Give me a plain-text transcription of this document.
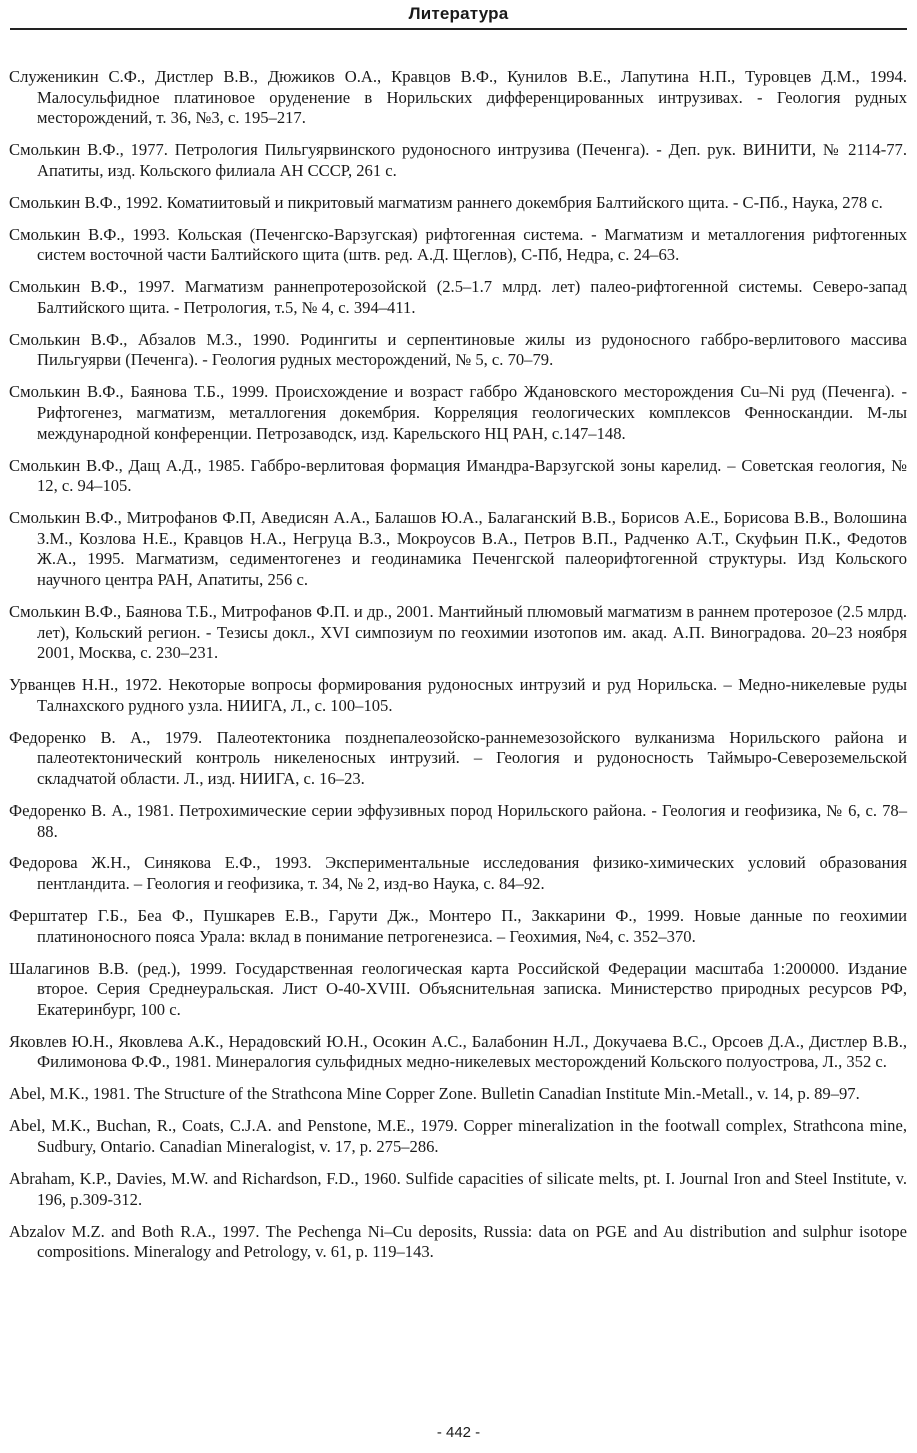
Литература
Служеникин С.Ф., Дистлер В.В., Дюжиков О.А., Кравцов В.Ф., Кунилов В.Е., Лапутина Н.П., Туровцев Д.М., 1994. Малосульфидное платиновое оруденение в Норильских дифференцированных интрузивах. - Геология рудных месторождений, т. 36, №3, с. 195–217.
Смолькин В.Ф., 1977. Петрология Пильгуярвинского рудоносного интрузива (Печенга). - Деп. рук. ВИНИТИ, № 2114-77. Апатиты, изд. Кольского филиала АН СССР, 261 с.
Смолькин В.Ф., 1992. Коматиитовый и пикритовый магматизм раннего докембрия Балтийского щита. - С-Пб., Наука, 278 с.
Смолькин В.Ф., 1993. Кольская (Печенгско-Варзугская) рифтогенная система. - Магматизм и металлогения рифтогенных систем восточной части Балтийского щита (штв. ред. А.Д. Щеглов), С-Пб, Недра, с. 24–63.
Смолькин В.Ф., 1997. Магматизм раннепротерозойской (2.5–1.7 млрд. лет) палео-рифтогенной системы. Северо-запад Балтийского щита. - Петрология, т.5, № 4, с. 394–411.
Смолькин В.Ф., Абзалов М.З., 1990. Родингиты и серпентиновые жилы из рудоносного габбро-верлитового массива Пильгуярви (Печенга). - Геология рудных месторождений, № 5, с. 70–79.
Смолькин В.Ф., Баянова Т.Б., 1999. Происхождение и возраст габбро Ждановского месторождения Cu–Ni руд (Печенга). - Рифтогенез, магматизм, металлогения докембрия. Корреляция геологических комплексов Фенноскандии. М-лы международной конференции. Петрозаводск, изд. Карельского НЦ РАН, с.147–148.
Смолькин В.Ф., Дащ А.Д., 1985. Габбро-верлитовая формация Имандра-Варзугской зоны карелид. – Советская геология, № 12, с. 94–105.
Смолькин В.Ф., Митрофанов Ф.П, Аведисян А.А., Балашов Ю.А., Балаганский В.В., Борисов А.Е., Борисова В.В., Волошина З.М., Козлова Н.Е., Кравцов Н.А., Негруца В.З., Мокроусов В.А., Петров В.П., Радченко А.Т., Скуфьин П.К., Федотов Ж.А., 1995. Магматизм, седиментогенез и геодинамика Печенгской палеорифтогенной структуры. Изд Кольского научного центра РАН, Апатиты, 256 с.
Смолькин В.Ф., Баянова Т.Б., Митрофанов Ф.П. и др., 2001. Мантийный плюмовый магматизм в раннем протерозое (2.5 млрд. лет), Кольский регион. - Тезисы докл., XVI симпозиум по геохимии изотопов им. акад. А.П. Виноградова. 20–23 ноября 2001, Москва, с. 230–231.
Урванцев Н.Н., 1972. Некоторые вопросы формирования рудоносных интрузий и руд Норильска. – Медно-никелевые руды Талнахского рудного узла. НИИГА, Л., с. 100–105.
Федоренко В. А., 1979. Палеотектоника позднепалеозойско-раннемезозойского вулканизма Норильского района и палеотектонический контроль никеленосных интрузий. – Геология и рудоносность Таймыро-Североземельской складчатой области. Л., изд. НИИГА, с. 16–23.
Федоренко В. А., 1981. Петрохимические серии эффузивных пород Норильского района. - Геология и геофизика, № 6, с. 78–88.
Федорова Ж.Н., Синякова Е.Ф., 1993. Экспериментальные исследования физико-химических условий образования пентландита. – Геология и геофизика, т. 34, № 2, изд-во Наука, с. 84–92.
Ферштатер Г.Б., Беа Ф., Пушкарев Е.В., Гарути Дж., Монтеро П., Заккарини Ф., 1999. Новые данные по геохимии платиноносного пояса Урала: вклад в понимание петрогенезиса. – Геохимия, №4, с. 352–370.
Шалагинов В.В. (ред.), 1999. Государственная геологическая карта Российской Федерации масштаба 1:200000. Издание второе. Серия Среднеуральская. Лист O-40-XVIII. Объяснительная записка. Министерство природных ресурсов РФ, Екатеринбург, 100 с.
Яковлев Ю.Н., Яковлева А.К., Нерадовский Ю.Н., Осокин А.С., Балабонин Н.Л., Докучаева В.С., Орсоев Д.А., Дистлер В.В., Филимонова Ф.Ф., 1981. Минералогия сульфидных медно-никелевых месторождений Кольского полуострова, Л., 352 с.
Abel, M.K., 1981. The Structure of the Strathcona Mine Copper Zone. Bulletin Canadian Institute Min.-Metall., v. 14, p. 89–97.
Abel, M.K., Buchan, R., Coats, C.J.A. and Penstone, M.E., 1979. Copper mineralization in the footwall complex, Strathcona mine, Sudbury, Ontario. Canadian Mineralogist, v. 17, p. 275–286.
Abraham, K.P., Davies, M.W. and Richardson, F.D., 1960. Sulfide capacities of silicate melts, pt. I. Journal Iron and Steel Institute, v. 196, p.309-312.
Abzalov M.Z. and Both R.A., 1997. The Pechenga Ni–Cu deposits, Russia: data on PGE and Au distribution and sulphur isotope compositions. Mineralogy and Petrology, v. 61, p. 119–143.
- 442 -
